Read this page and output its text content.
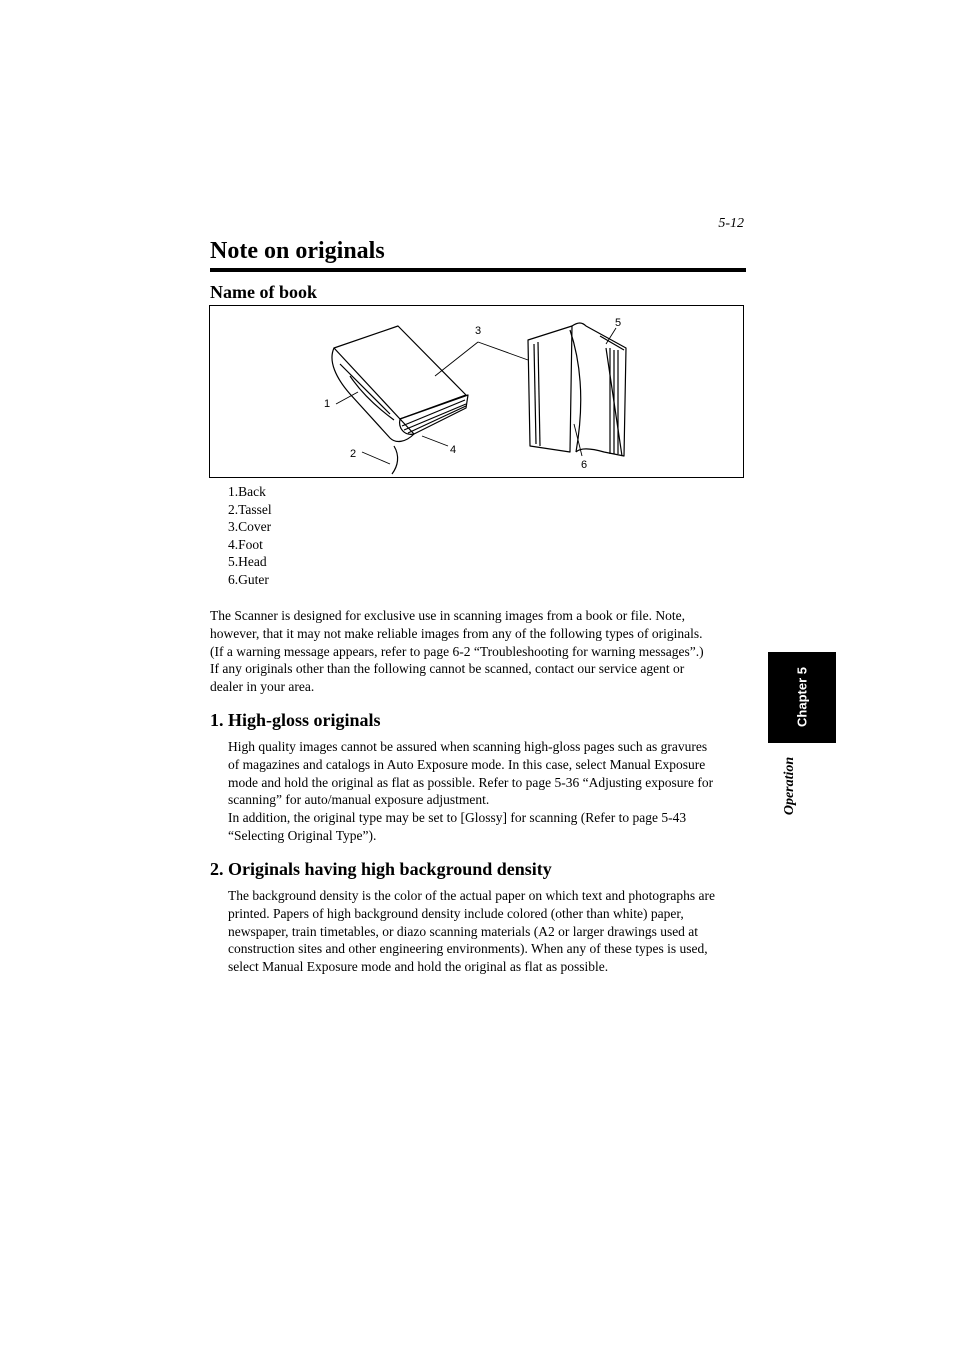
5-12
Note on originals
Name of book
1
2
3
4
5
6
1.Back
2.Tassel
3.Cover
4.Foot
5.Head
6.Guter
The Scanner is designed for exclusive use in scanning images from a book or file. Note,
however, that it may not make reliable images from any of the following types of originals.
(If a warning message appears, refer to page 6-2 “Troubleshooting for warning messages”.)
If any originals other than the following cannot be scanned, contact our service agent or
dealer in your area.
1. High-gloss originals
High quality images cannot be assured when scanning high-gloss pages such as gravures
of magazines and catalogs in Auto Exposure mode. In this case, select Manual Exposure
mode and hold the original as flat as possible. Refer to page 5-36 “Adjusting exposure for
scanning” for auto/manual exposure adjustment.
In addition, the original type may be set to [Glossy] for scanning (Refer to page 5-43
“Selecting Original Type”).
2. Originals having high background density
The background density is the color of the actual paper on which text and photographs are
printed. Papers of high background density include colored (other than white) paper,
newspaper, train timetables, or diazo scanning materials (A2 or larger drawings used at
construction sites and other engineering environments). When any of these types is used,
select Manual Exposure mode and hold the original as flat as possible.
Chapter 5
Operation
